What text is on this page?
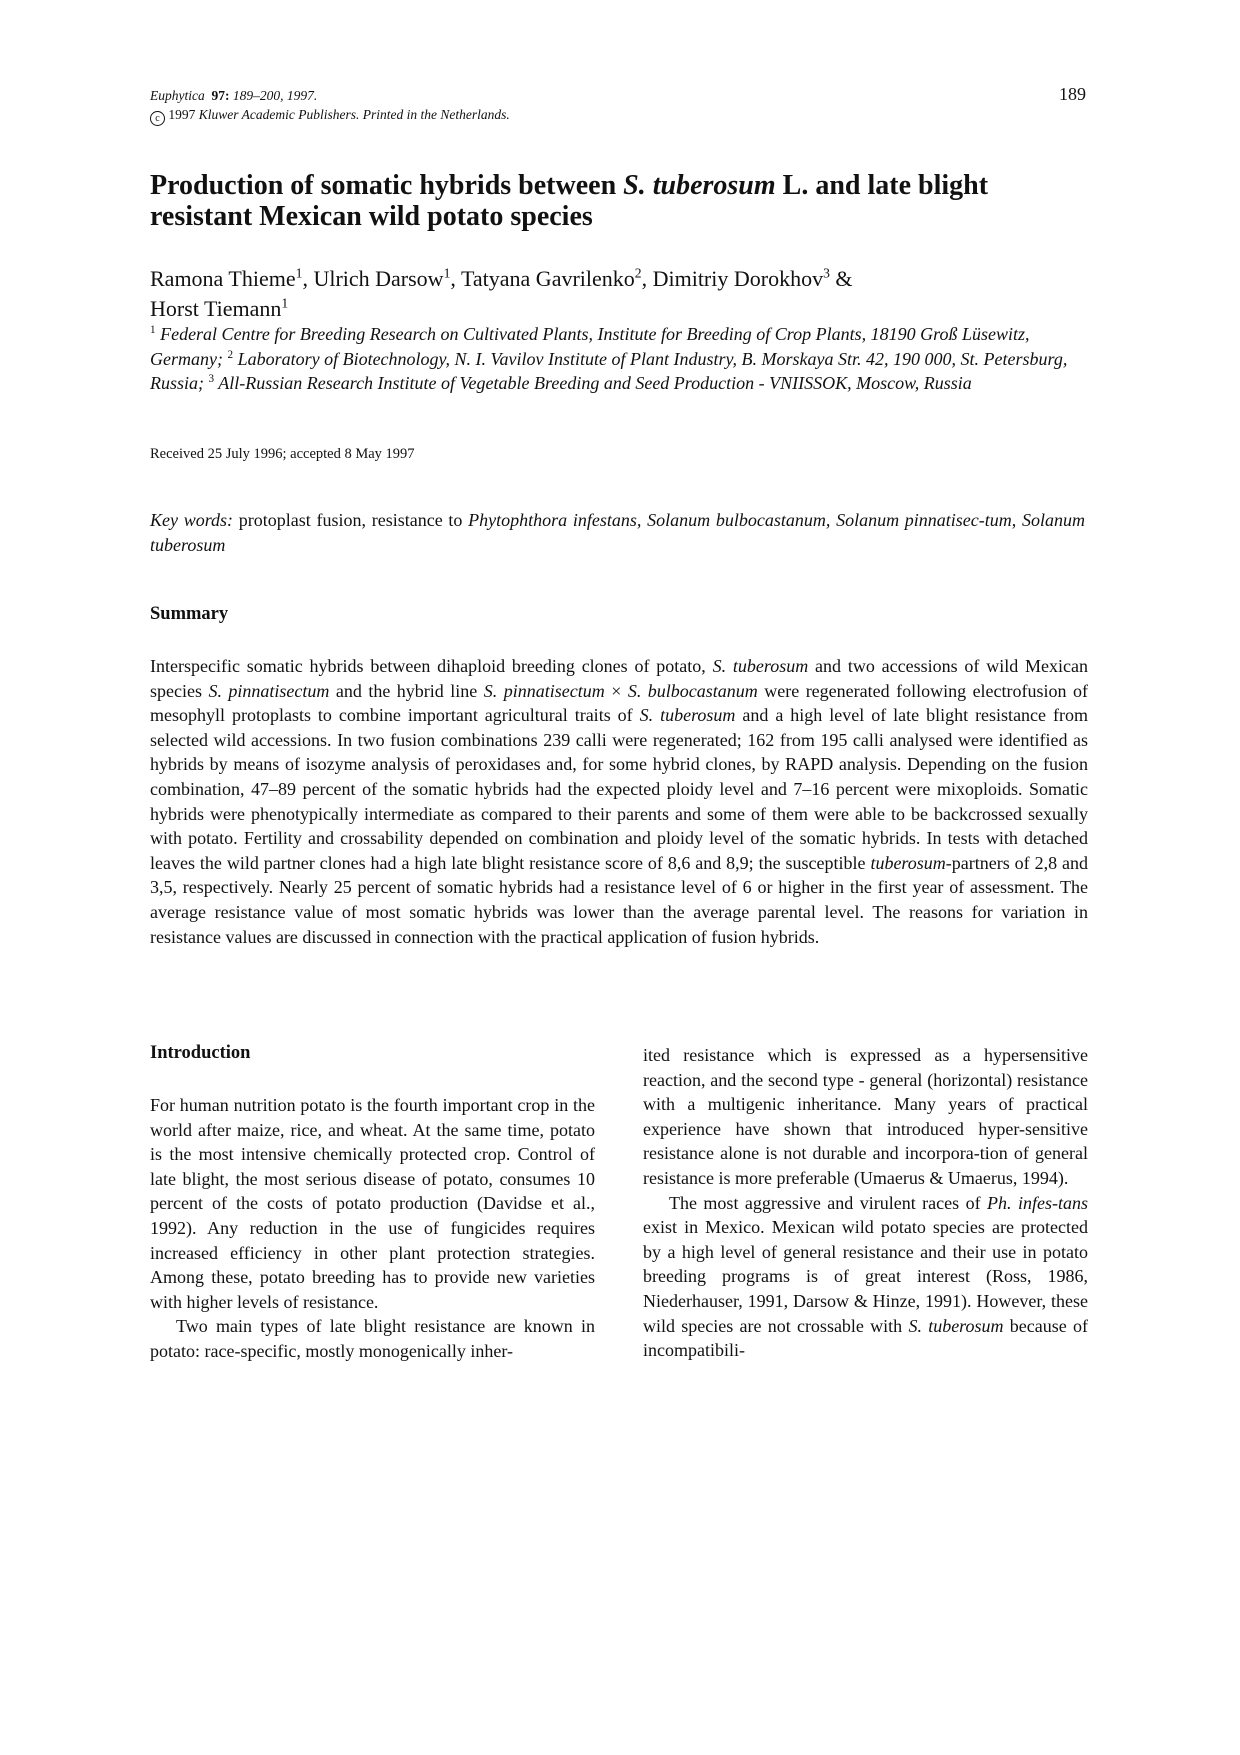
Euphytica 97: 189–200, 1997.
c 1997 Kluwer Academic Publishers. Printed in the Netherlands.
189
Production of somatic hybrids between S. tuberosum L. and late blight
resistant Mexican wild potato species
Ramona Thieme$^1$, Ulrich Darsow$^1$, Tatyana Gavrilenko$^2$, Dimitriy Dorokhov$^3$ &
Horst Tiemann$^1$
$^1$ Federal Centre for Breeding Research on Cultivated Plants, Institute for Breeding of Crop Plants, 18190 Groß Lüsewitz, Germany; $^2$ Laboratory of Biotechnology, N. I. Vavilov Institute of Plant Industry, B. Morskaya Str. 42, 190 000, St. Petersburg, Russia; $^3$ All-Russian Research Institute of Vegetable Breeding and Seed Production - VNIISSOK, Moscow, Russia
Received 25 July 1996; accepted 8 May 1997
Key words: protoplast fusion, resistance to Phytophthora infestans, Solanum bulbocastanum, Solanum pinnatisec-tum, Solanum tuberosum
Summary

Interspecific somatic hybrids between dihaploid breeding clones of potato, S. tuberosum and two accessions of wild Mexican species S. pinnatisectum and the hybrid line S. pinnatisectum × S. bulbocastanum were regenerated following electrofusion of mesophyll protoplasts to combine important agricultural traits of S. tuberosum and a high level of late blight resistance from selected wild accessions. In two fusion combinations 239 calli were regenerated; 162 from 195 calli analysed were identified as hybrids by means of isozyme analysis of peroxidases and, for some hybrid clones, by RAPD analysis. Depending on the fusion combination, 47–89 percent of the somatic hybrids had the expected ploidy level and 7–16 percent were mixoploids. Somatic hybrids were phenotypically intermediate as compared to their parents and some of them were able to be backcrossed sexually with potato. Fertility and crossability depended on combination and ploidy level of the somatic hybrids. In tests with detached leaves the wild partner clones had a high late blight resistance score of 8,6 and 8,9; the susceptible tuberosum-partners of 2,8 and 3,5, respectively. Nearly 25 percent of somatic hybrids had a resistance level of 6 or higher in the first year of assessment. The average resistance value of most somatic hybrids was lower than the average parental level. The reasons for variation in resistance values are discussed in connection with the practical application of fusion hybrids.

Introduction

For human nutrition potato is the fourth important crop in the world after maize, rice, and wheat. At the same time, potato is the most intensive chemically protected crop. Control of late blight, the most serious disease of potato, consumes 10 percent of the costs of potato production (Davidse et al., 1992). Any reduction in the use of fungicides requires increased efficiency in other plant protection strategies. Among these, potato breeding has to provide new varieties with higher levels of resistance.

Two main types of late blight resistance are known in potato: race-specific, mostly monogenically inher-

ited resistance which is expressed as a hypersensitive reaction, and the second type - general (horizontal) resistance with a multigenic inheritance. Many years of practical experience have shown that introduced hyper-sensitive resistance alone is not durable and incorpora-tion of general resistance is more preferable (Umaerus & Umaerus, 1994).

The most aggressive and virulent races of Ph. infes-tans exist in Mexico. Mexican wild potato species are protected by a high level of general resistance and their use in potato breeding programs is of great interest (Ross, 1986, Niederhauser, 1991, Darsow & Hinze, 1991). However, these wild species are not crossable with S. tuberosum because of incompatibili-
